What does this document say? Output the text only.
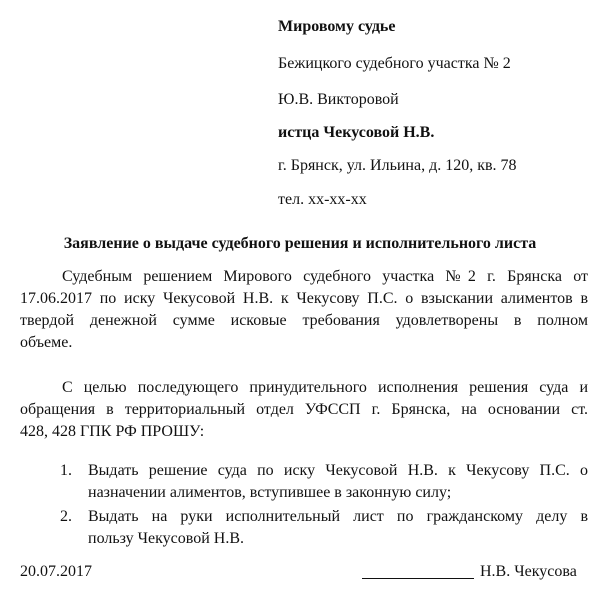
Мировому судье
Бежицкого судебного участка № 2
Ю.В. Викторовой
истца Чекусовой Н.В.
г. Брянск, ул. Ильина, д. 120, кв. 78
тел. хх-хх-хх
Заявление о выдаче судебного решения и исполнительного листа
Судебным решением Мирового судебного участка №2 г. Брянска от
17.06.2017 по иску Чекусовой Н.В. к Чекусову П.С. о взыскании алиментов в
твердой денежной сумме исковые требования удовлетворены в полном
объеме.
С целью последующего принудительного исполнения решения суда и
обращения в территориальный отдел УФССП г. Брянска, на основании ст.
428, 428 ГПК РФ ПРОШУ:
1. Выдать решение суда по иску Чекусовой Н.В. к Чекусову П.С. о
назначении алиментов, вступившее в законную силу;
2. Выдать на руки исполнительный лист по гражданскому делу в
пользу Чекусовой Н.В.
20.07.2017	Н.В. Чекусова
